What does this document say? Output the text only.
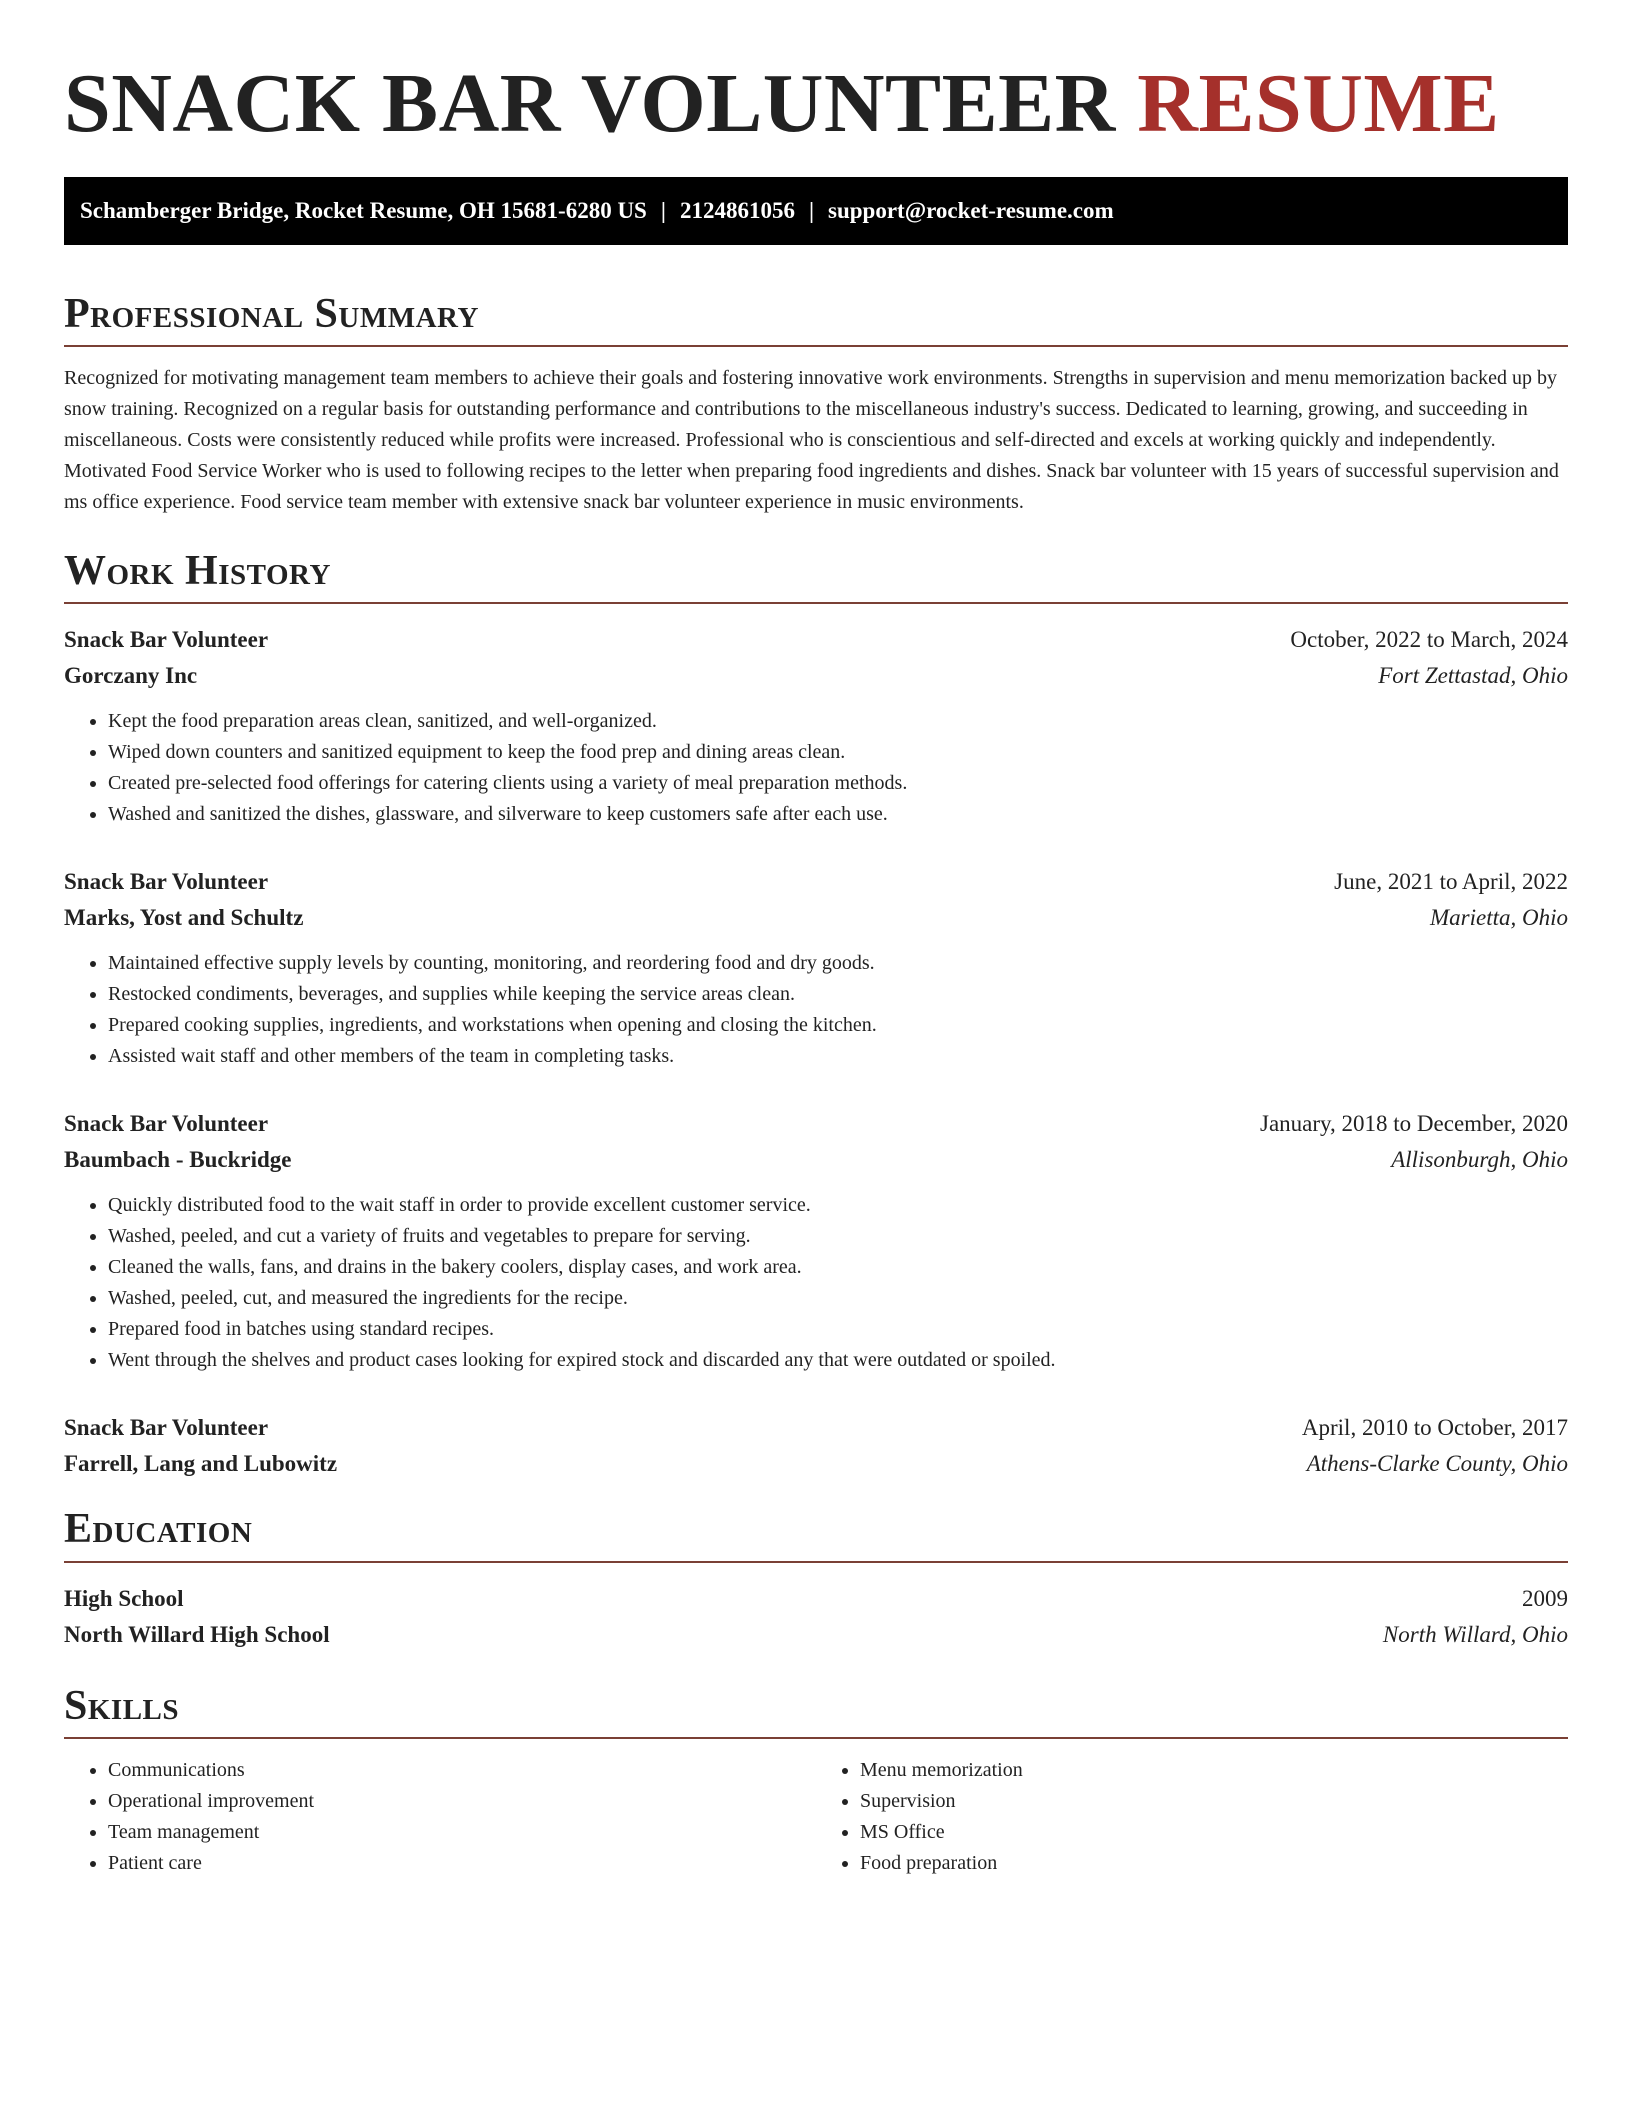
SNACK BAR VOLUNTEER RESUME
Schamberger Bridge, Rocket Resume, OH 15681-6280 US | 2124861056 | support@rocket-resume.com
Professional Summary

Recognized for motivating management team members to achieve their goals and fostering innovative work environments. Strengths in supervision and menu memorization backed up by snow training. Recognized on a regular basis for outstanding performance and contributions to the miscellaneous industry's success. Dedicated to learning, growing, and succeeding in miscellaneous. Costs were consistently reduced while profits were increased. Professional who is conscientious and self-directed and excels at working quickly and independently. Motivated Food Service Worker who is used to following recipes to the letter when preparing food ingredients and dishes. Snack bar volunteer with 15 years of successful supervision and ms office experience. Food service team member with extensive snack bar volunteer experience in music environments.

Work History
Snack Bar Volunteer	October, 2022 to March, 2024
Gorczany Inc	Fort Zettastad, Ohio
• Kept the food preparation areas clean, sanitized, and well-organized.
• Wiped down counters and sanitized equipment to keep the food prep and dining areas clean.
• Created pre-selected food offerings for catering clients using a variety of meal preparation methods.
• Washed and sanitized the dishes, glassware, and silverware to keep customers safe after each use.
Snack Bar Volunteer	June, 2021 to April, 2022
Marks, Yost and Schultz	Marietta, Ohio
• Maintained effective supply levels by counting, monitoring, and reordering food and dry goods.
• Restocked condiments, beverages, and supplies while keeping the service areas clean.
• Prepared cooking supplies, ingredients, and workstations when opening and closing the kitchen.
• Assisted wait staff and other members of the team in completing tasks.
Snack Bar Volunteer	January, 2018 to December, 2020
Baumbach - Buckridge	Allisonburgh, Ohio
• Quickly distributed food to the wait staff in order to provide excellent customer service.
• Washed, peeled, and cut a variety of fruits and vegetables to prepare for serving.
• Cleaned the walls, fans, and drains in the bakery coolers, display cases, and work area.
• Washed, peeled, cut, and measured the ingredients for the recipe.
• Prepared food in batches using standard recipes.
• Went through the shelves and product cases looking for expired stock and discarded any that were outdated or spoiled.
Snack Bar Volunteer	April, 2010 to October, 2017
Farrell, Lang and Lubowitz	Athens-Clarke County, Ohio
Education
High School	2009
North Willard High School	North Willard, Ohio
Skills
• Communications
• Operational improvement
• Team management
• Patient care
• Menu memorization
• Supervision
• MS Office
• Food preparation
